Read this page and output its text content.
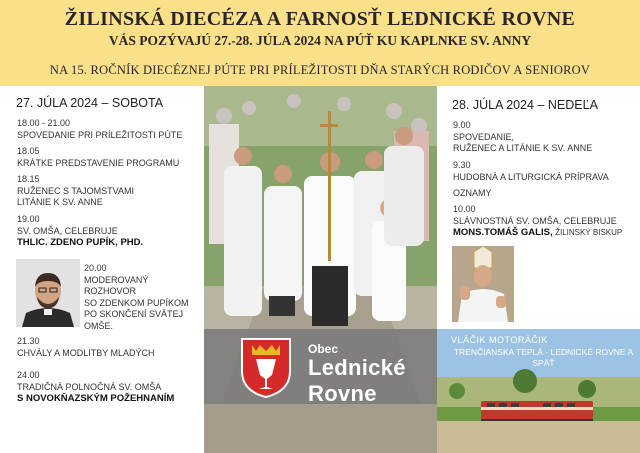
ŽILINSKÁ DIECÉZA A FARNOSŤ LEDNICKÉ ROVNE
VÁS POZÝVAJÚ 27.-28. JÚLA 2024 NA PÚŤ KU KAPLNKE SV. ANNY
NA 15. ROČNÍK DIECÉZNEJ PÚTE PRI PRÍLEŽITOSTI DŇA STARÝCH RODIČOV A SENIOROV
27. JÚLA 2024 – SOBOTA
18.00 - 21.00
SPOVEDANIE PRI PRÍLEŽITOSTI PÚTE
18.05
KRÁTKE PREDSTAVENIE PROGRAMU
18.15
RUŽENEC S TAJOMSTVAMI
LITÁNIE K SV. ANNE
19.00
SV. OMŠA, CELEBRUJE
THLIC. ZDENO PUPÍK, PHD.
20.00
MODEROVANÝ
ROZHOVOR
SO ZDENKOM PUPÍKOM
PO SKONČENÍ SVÄTEJ
OMŠE.
21.30
CHVÁLY A MODLITBY MLADÝCH
24.00
TRADIČNÁ POLNOČNÁ SV. OMŠA
S NOVOKŇAZSKÝM POŽEHNANÍM
Obec
Lednické
Rovne
28. JÚLA 2024 – NEDEĽA
9.00
SPOVEDANIE,
RUŽENEC A LITÁNIE K SV. ANNE
9.30
HUDOBNÁ A LITURGICKÁ PRÍPRAVA
OZNAMY
10.00
SLÁVNOSTNÁ SV. OMŠA, CELEBRUJE
MONS.TOMÁŠ GALIS, ŽILINSKÝ BISKUP
VLÁČIK MOTORÁČIK
TRENČIANSKA TEPLÁ - LEDNICKÉ ROVNE A SPÄŤ
